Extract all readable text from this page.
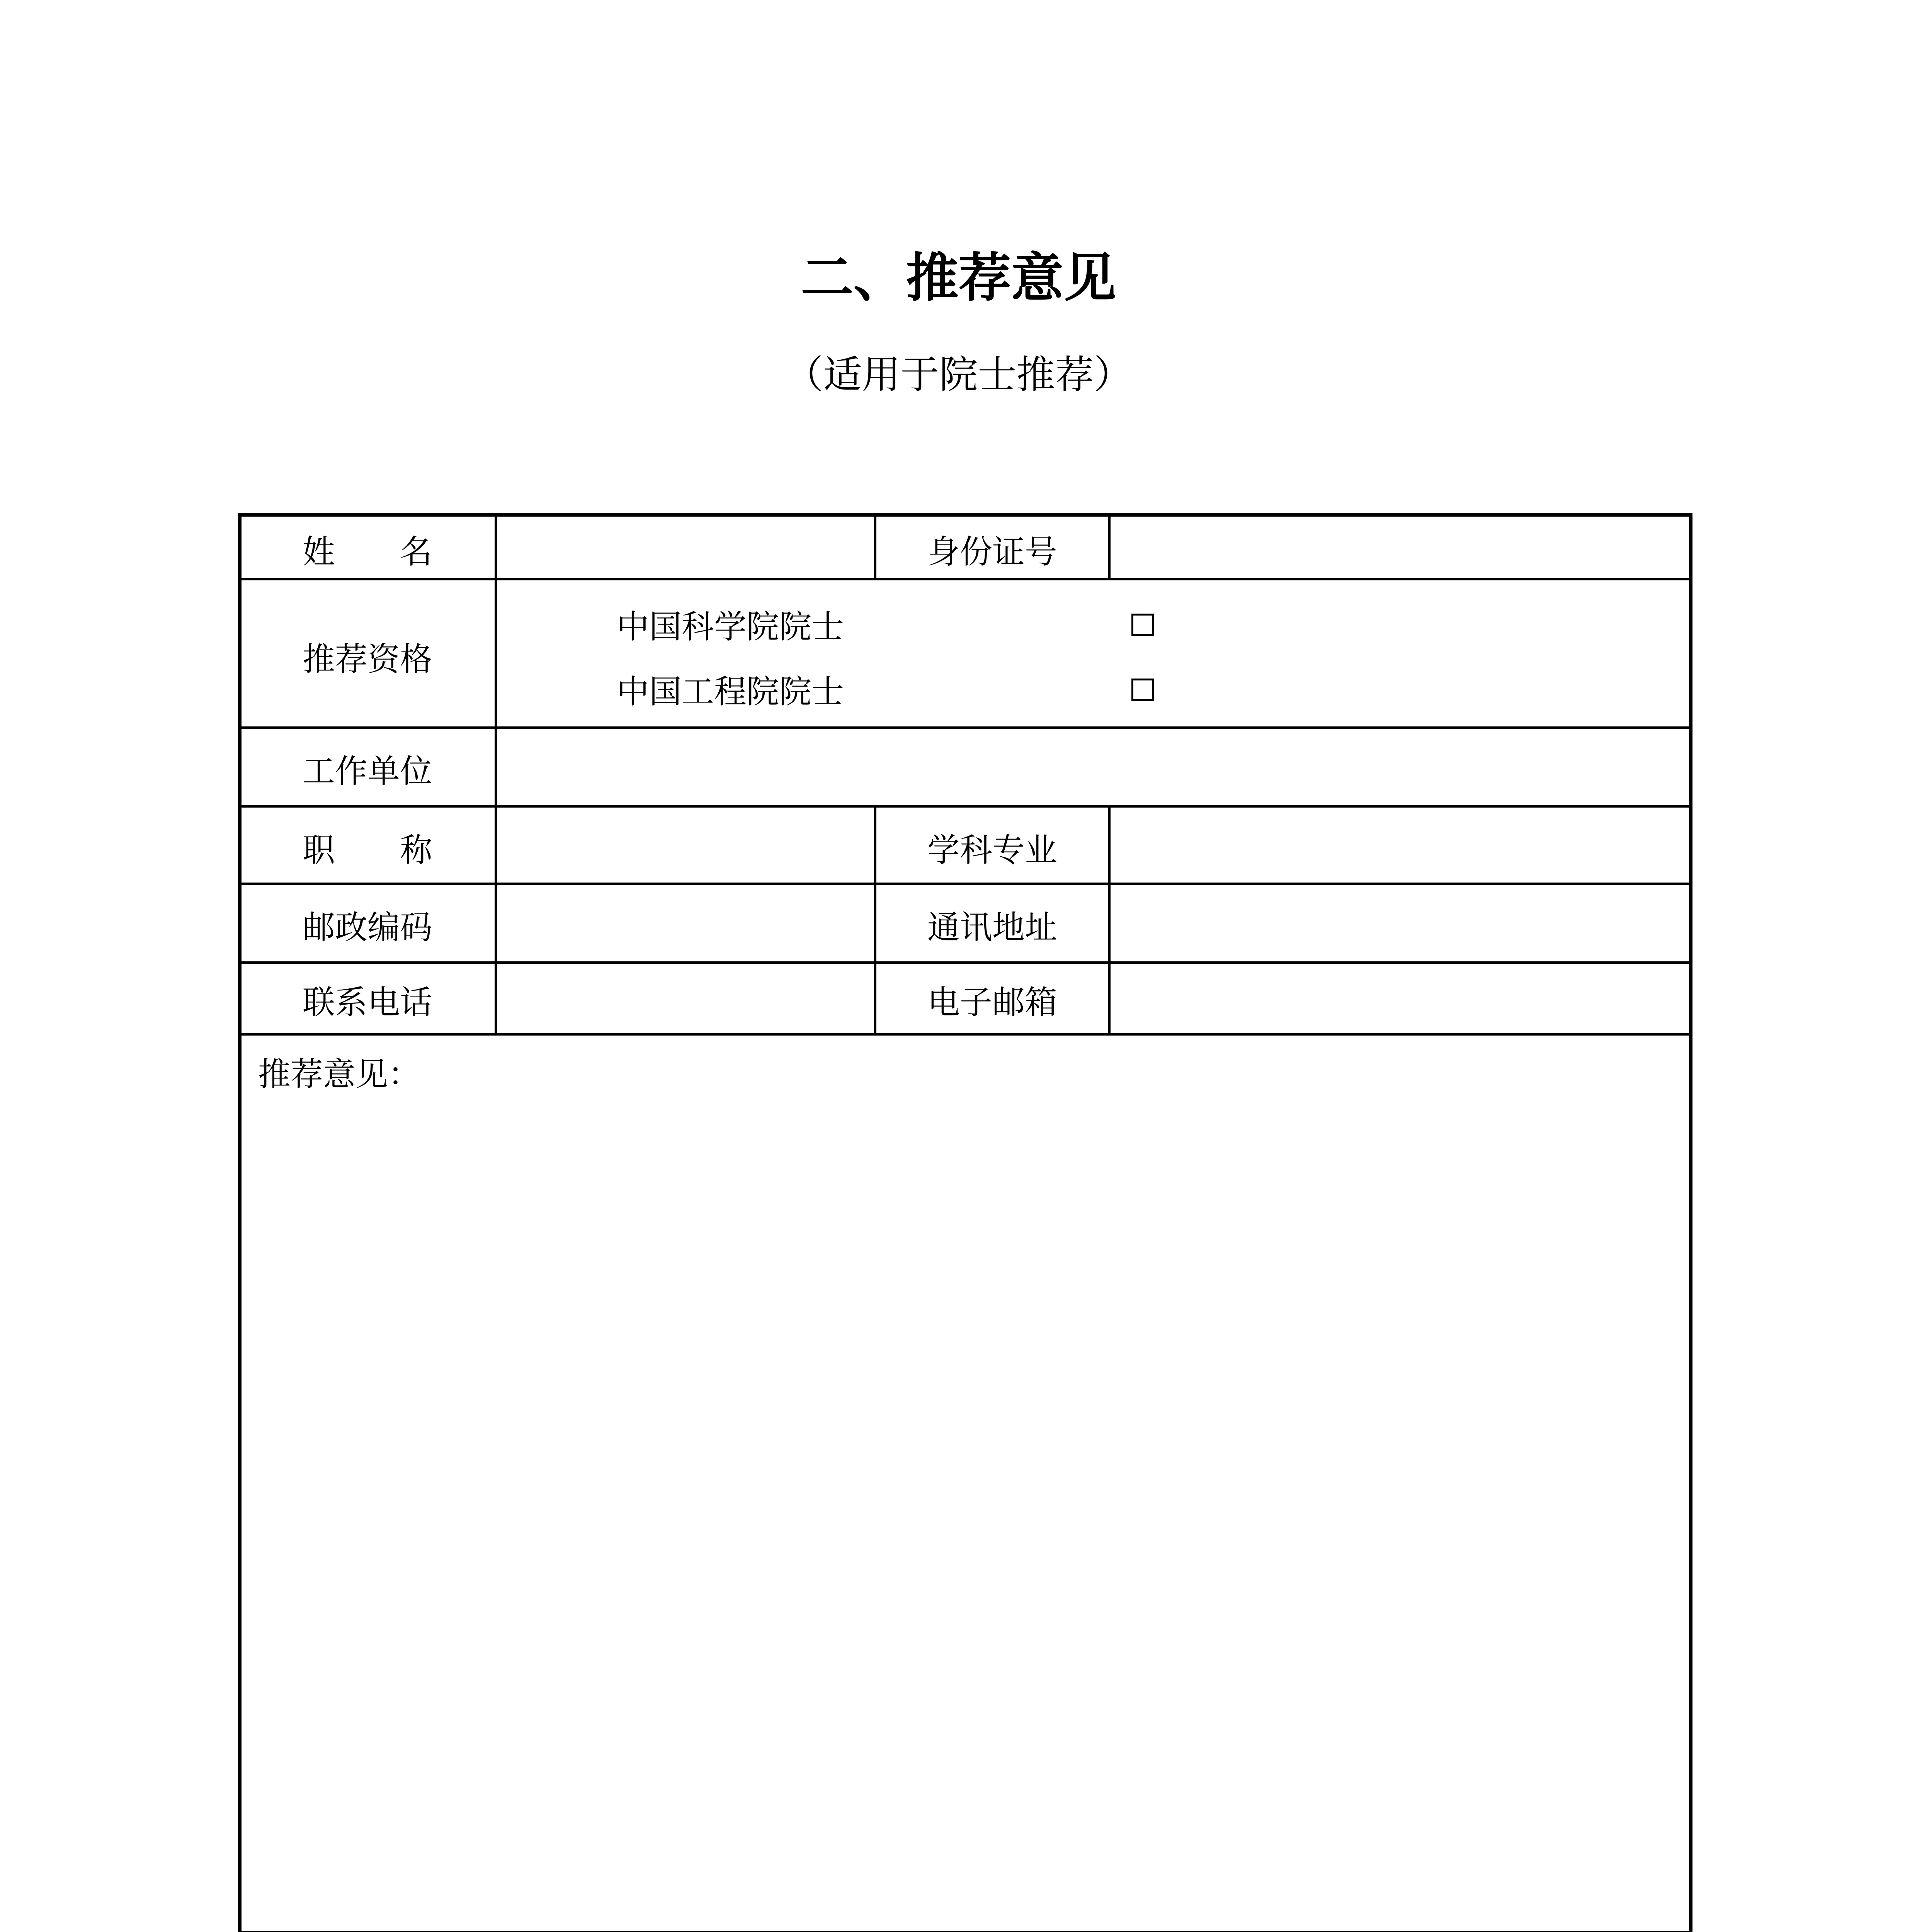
二、推荐意见
（适用于院士推荐）
姓　　名	身份证号
推荐资格
中国科学院院士
中国工程院院士
工作单位
职　　称	学科专业
邮政编码	通讯地址
联系电话	电子邮箱
推荐意见：
